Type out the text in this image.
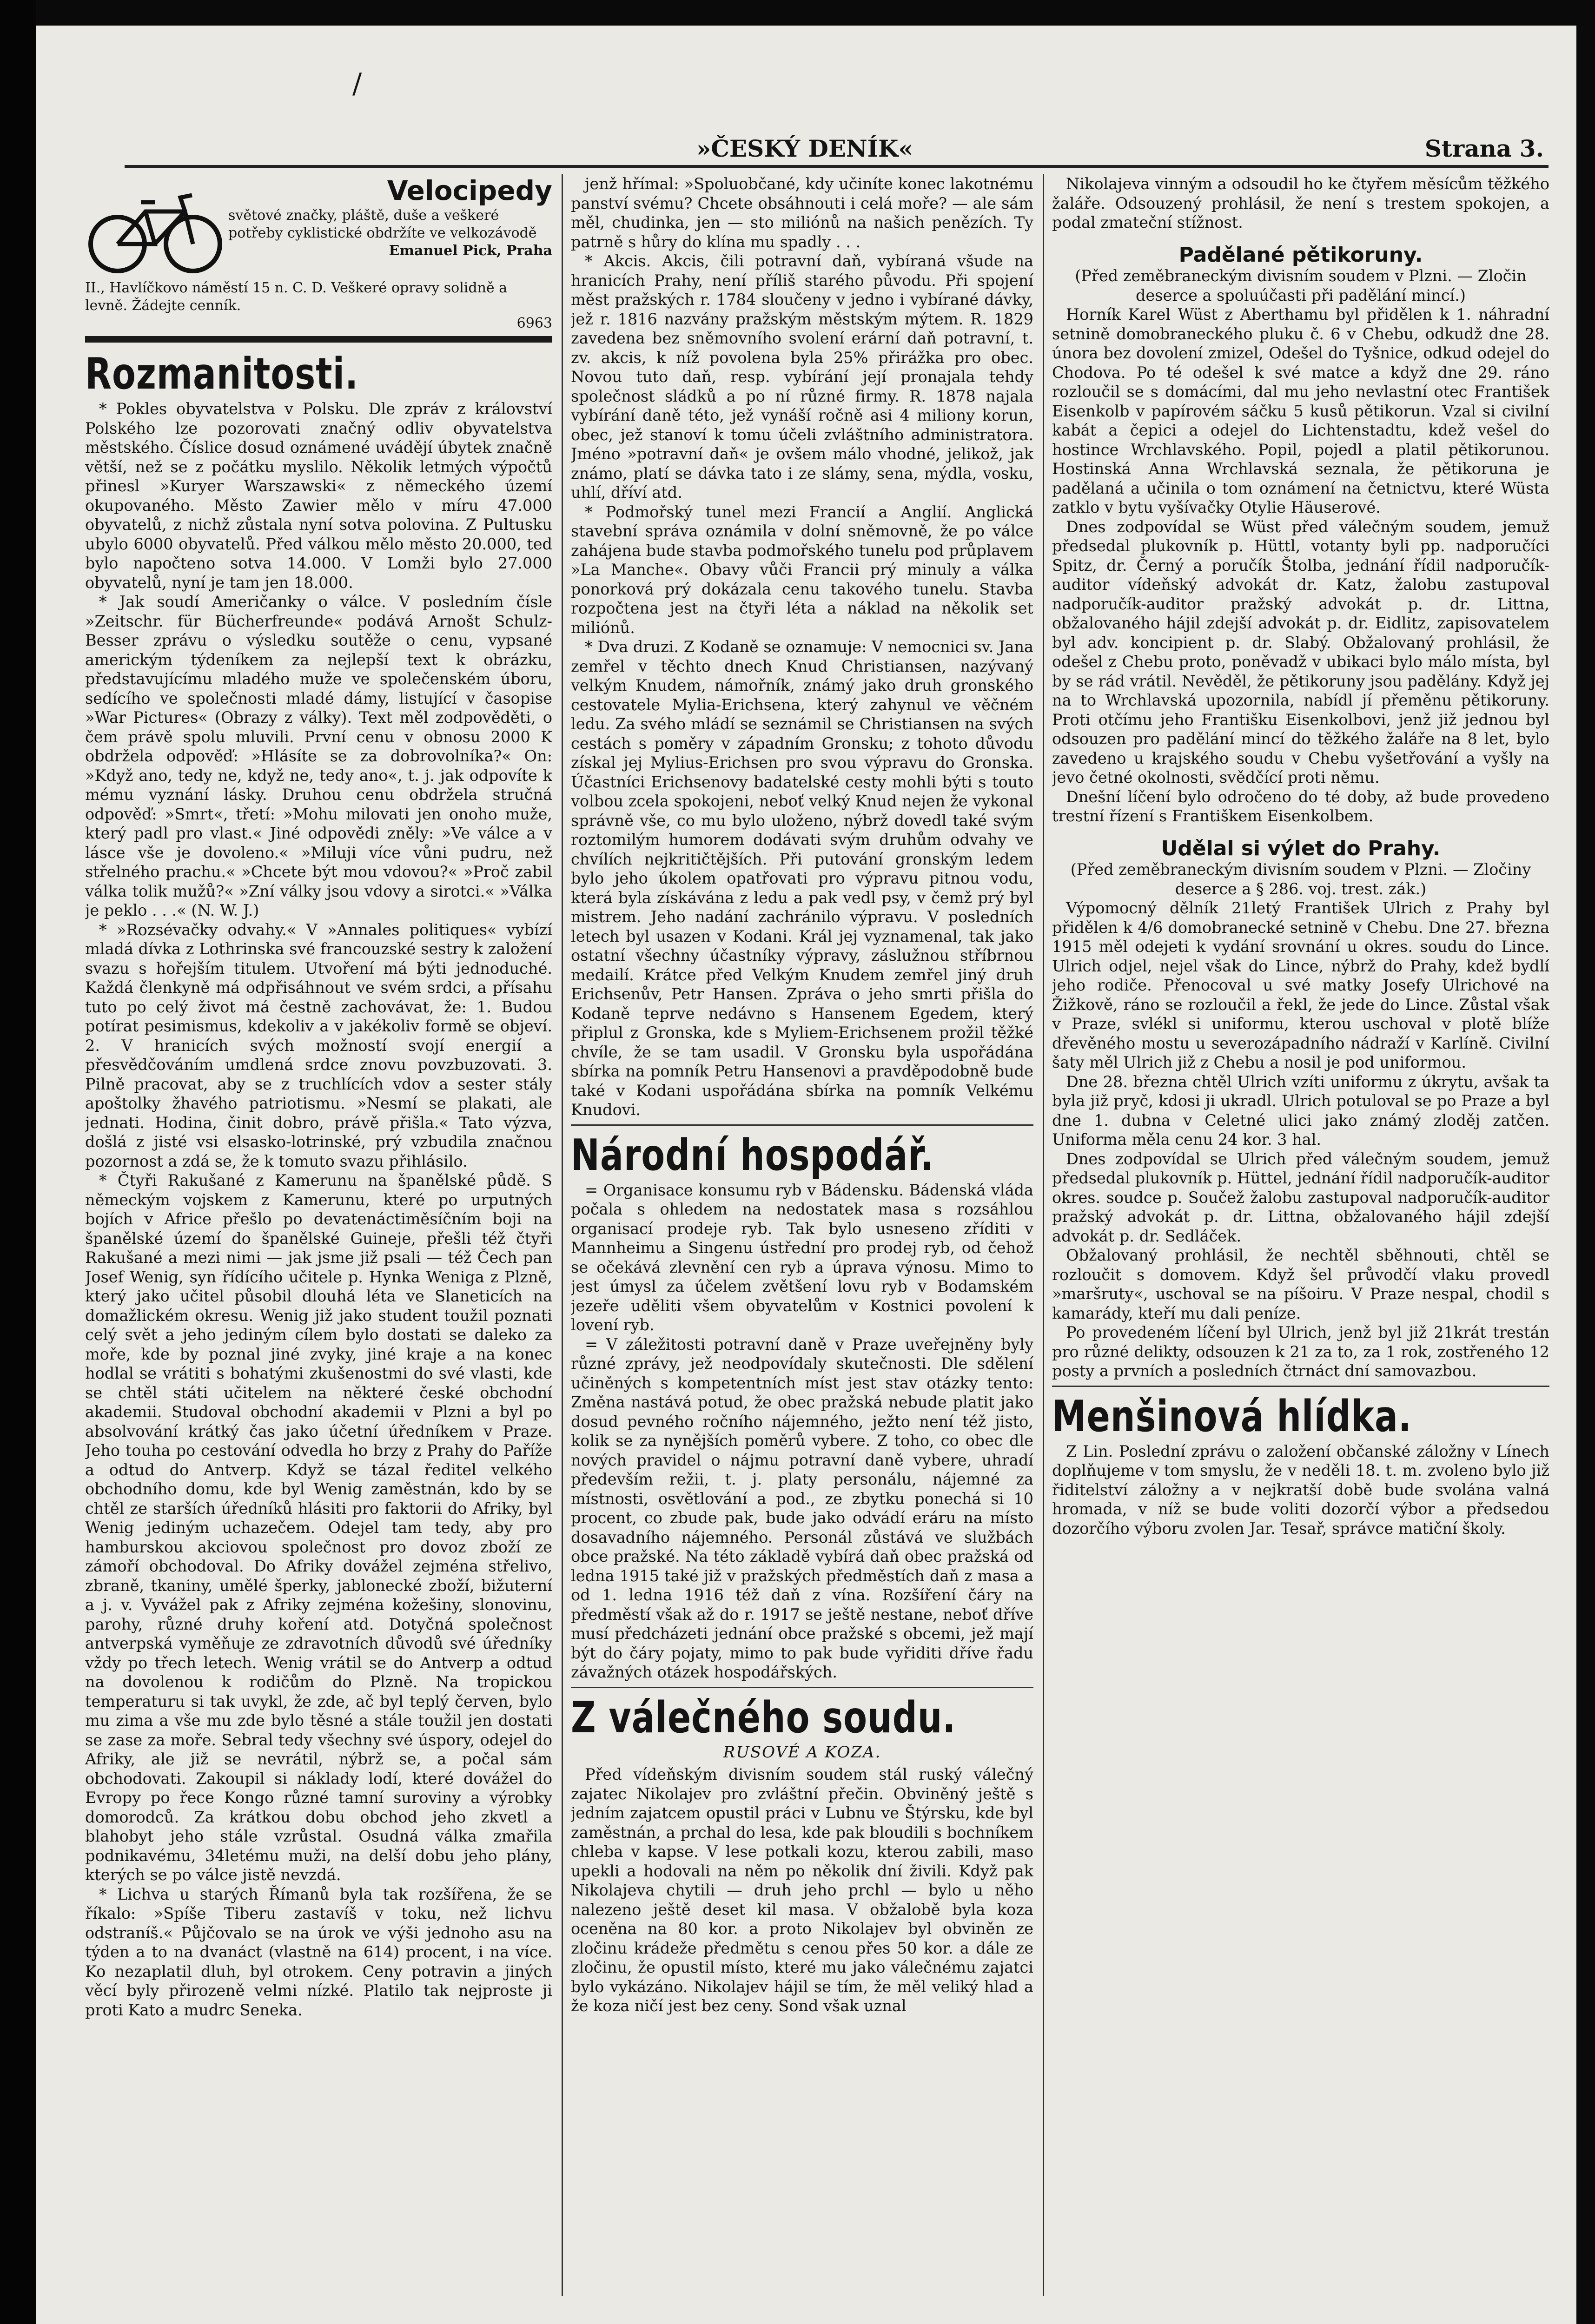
/
»ČESKÝ DENÍK«	Strana 3.
Velocipedy
světové značky, pláště, duše a veškeré potřeby cyklistické obdržíte ve velkozávodě
Emanuel Pick, Praha
II., Havlíčkovo náměstí 15 n. C. D. Veškeré opravy solidně a levně. Žádejte cenník.
6963
Rozmanitosti.

* Pokles obyvatelstva v Polsku. Dle zpráv z království Polského lze pozorovati značný odliv obyvatelstva městského. Číslice dosud oznámené uvádějí úbytek značně větší, než se z počátku myslilo. Několik letmých výpočtů přinesl »Kuryer Warszawski« z německého území okupovaného. Město Zawier mělo v míru 47.000 obyvatelů, z nichž zůstala nyní sotva polovina. Z Pultusku ubylo 6000 obyvatelů. Před válkou mělo město 20.000, teď bylo napočteno sotva 14.000. V Lomži bylo 27.000 obyvatelů, nyní je tam jen 18.000.

* Jak soudí Američanky o válce. V posledním čísle »Zeitschr. für Bücherfreunde« podává Arnošt Schulz-Besser zprávu o výsledku soutěže o cenu, vypsané americkým týdeníkem za nejlepší text k obrázku, představujícímu mladého muže ve společenském úboru, sedícího ve společnosti mladé dámy, listující v časopise »War Pictures« (Obrazy z války). Text měl zodpověděti, o čem právě spolu mluvili. První cenu v obnosu 2000 K obdržela odpověď: »Hlásíte se za dobrovolníka?« On: »Když ano, tedy ne, když ne, tedy ano«, t. j. jak odpovíte k mému vyznání lásky. Druhou cenu obdržela stručná odpověď: »Smrt«, třetí: »Mohu milovati jen onoho muže, který padl pro vlast.« Jiné odpovědi zněly: »Ve válce a v lásce vše je dovoleno.« »Miluji více vůni pudru, než střelného prachu.« »Chcete být mou vdovou?« »Proč zabil válka tolik mužů?« »Zní války jsou vdovy a sirotci.« »Válka je peklo . . .« (N. W. J.)

* »Rozsévačky odvahy.« V »Annales politiques« vybízí mladá dívka z Lothrinska své francouzské sestry k založení svazu s hořejším titulem. Utvoření má býti jednoduché. Každá členkyně má odpřisáhnout ve svém srdci, a přísahu tuto po celý život má čestně zachovávat, že: 1. Budou potírat pesimismus, kdekoliv a v jakékoliv formě se objeví. 2. V hranicích svých možností svojí energií a přesvědčováním umdlená srdce znovu povzbuzovati. 3. Pilně pracovat, aby se z truchlících vdov a sester stály apoštolky žhavého patriotismu. »Nesmí se plakati, ale jednati. Hodina, činit dobro, právě přišla.« Tato výzva, došlá z jisté vsi elsasko-lotrinské, prý vzbudila značnou pozornost a zdá se, že k tomuto svazu přihlásilo.

* Čtyři Rakušané z Kamerunu na španělské půdě. S německým vojskem z Kamerunu, které po urputných bojích v Africe přešlo po devatenáctiměsíčním boji na španělské území do španělské Guineje, přešli též čtyři Rakušané a mezi nimi — jak jsme již psali — též Čech pan Josef Wenig, syn řídícího učitele p. Hynka Weniga z Plzně, který jako učitel působil dlouhá léta ve Slaneticích na domažlickém okresu. Wenig již jako student toužil poznati celý svět a jeho jediným cílem bylo dostati se daleko za moře, kde by poznal jiné zvyky, jiné kraje a na konec hodlal se vrátiti s bohatými zkušenostmi do své vlasti, kde se chtěl státi učitelem na některé české obchodní akademii. Studoval obchodní akademii v Plzni a byl po absolvování krátký čas jako účetní úředníkem v Praze. Jeho touha po cestování odvedla ho brzy z Prahy do Paříže a odtud do Antverp. Když se tázal ředitel velkého obchodního domu, kde byl Wenig zaměstnán, kdo by se chtěl ze starších úředníků hlásiti pro faktorii do Afriky, byl Wenig jediným uchazečem. Odejel tam tedy, aby pro hamburskou akciovou společnost pro dovoz zboží ze zámoří obchodoval. Do Afriky dovážel zejména střelivo, zbraně, tkaniny, umělé šperky, jablonecké zboží, bižuterní a j. v. Vyvážel pak z Afriky zejména kožešiny, slonovinu, parohy, různé druhy koření atd. Dotyčná společnost antverpská vyměňuje ze zdravotních důvodů své úředníky vždy po třech letech. Wenig vrátil se do Antverp a odtud na dovolenou k rodičům do Plzně. Na tropickou temperaturu si tak uvykl, že zde, ač byl teplý červen, bylo mu zima a vše mu zde bylo těsné a stále toužil jen dostati se zase za moře. Sebral tedy všechny své úspory, odejel do Afriky, ale již se nevrátil, nýbrž se, a počal sám obchodovati. Zakoupil si náklady lodí, které dovážel do Evropy po řece Kongo různé tamní suroviny a výrobky domorodců. Za krátkou dobu obchod jeho zkvetl a blahobyt jeho stále vzrůstal. Osudná válka zmařila podnikavému, 34letému muži, na delší dobu jeho plány, kterých se po válce jistě nevzdá.

* Lichva u starých Římanů byla tak rozšířena, že se říkalo: »Spíše Tiberu zastavíš v toku, než lichvu odstraníš.« Půjčovalo se na úrok ve výši jednoho asu na týden a to na dvanáct (vlastně na 614) procent, i na více. Ko nezaplatil dluh, byl otrokem. Ceny potravin a jiných věcí byly přirozeně velmi nízké. Platilo tak nejproste ji proti Kato a mudrc Seneka.

jenž hřímal: »Spoluobčané, kdy učiníte konec lakotnému panství svému? Chcete obsáhnouti i celá moře? — ale sám měl, chudinka, jen — sto miliónů na našich penězích. Ty patrně s hůry do klína mu spadly . . .

* Akcis. Akcis, čili potravní daň, vybíraná všude na hranicích Prahy, není příliš starého původu. Při spojení měst pražských r. 1784 sloučeny v jedno i vybírané dávky, jež r. 1816 nazvány pražským městským mýtem. R. 1829 zavedena bez sněmovního svolení erární daň potravní, t. zv. akcis, k níž povolena byla 25% přirážka pro obec. Novou tuto daň, resp. vybírání její pronajala tehdy společnost sládků a po ní různé firmy. R. 1878 najala vybírání daně této, jež vynáší ročně asi 4 miliony korun, obec, jež stanoví k tomu účeli zvláštního administratora. Jméno »potravní daň« je ovšem málo vhodné, jelikož, jak známo, platí se dávka tato i ze slámy, sena, mýdla, vosku, uhlí, dříví atd.

* Podmořský tunel mezi Francií a Anglií. Anglická stavební správa oznámila v dolní sněmovně, že po válce zahájena bude stavba podmořského tunelu pod průplavem »La Manche«. Obavy vůči Francii prý minuly a válka ponorková prý dokázala cenu takového tunelu. Stavba rozpočtena jest na čtyři léta a náklad na několik set miliónů.

* Dva druzi. Z Kodaně se oznamuje: V nemocnici sv. Jana zemřel v těchto dnech Knud Christiansen, nazývaný velkým Knudem, námořník, známý jako druh gronského cestovatele Mylia-Erichsena, který zahynul ve věčném ledu. Za svého mládí se seznámil se Christiansen na svých cestách s poměry v západním Gronsku; z tohoto důvodu získal jej Mylius-Erichsen pro svou výpravu do Gronska. Účastníci Erichsenovy badatelské cesty mohli býti s touto volbou zcela spokojeni, neboť velký Knud nejen že vykonal správně vše, co mu bylo uloženo, nýbrž dovedl také svým roztomilým humorem dodávati svým druhům odvahy ve chvílích nejkritičtějších. Při putování gronským ledem bylo jeho úkolem opatřovati pro výpravu pitnou vodu, která byla získávána z ledu a pak vedl psy, v čemž prý byl mistrem. Jeho nadání zachránilo výpravu. V posledních letech byl usazen v Kodani. Král jej vyznamenal, tak jako ostatní všechny účastníky výpravy, záslužnou stříbrnou medailí. Krátce před Velkým Knudem zemřel jiný druh Erichsenův, Petr Hansen. Zpráva o jeho smrti přišla do Kodaně teprve nedávno s Hansenem Egedem, který připlul z Gronska, kde s Myliem-Erichsenem prožil těžké chvíle, že se tam usadil. V Gronsku byla uspořádána sbírka na pomník Petru Hansenovi a pravděpodobně bude také v Kodani uspořádána sbírka na pomník Velkému Knudovi.

Národní hospodář.

= Organisace konsumu ryb v Bádensku. Bádenská vláda počala s ohledem na nedostatek masa s rozsáhlou organisací prodeje ryb. Tak bylo usneseno zříditi v Mannheimu a Singenu ústřední pro prodej ryb, od čehož se očekává zlevnění cen ryb a úprava výnosu. Mimo to jest úmysl za účelem zvětšení lovu ryb v Bodamském jezeře uděliti všem obyvatelům v Kostnici povolení k lovení ryb.

= V záležitosti potravní daně v Praze uveřejněny byly různé zprávy, jež neodpovídaly skutečnosti. Dle sdělení učiněných s kompetentních míst jest stav otázky tento: Změna nastává potud, že obec pražská nebude platit jako dosud pevného ročního nájemného, ježto není též jisto, kolik se za nynějších poměrů vybere. Z toho, co obec dle nových pravidel o nájmu potravní daně vybere, uhradí především režii, t. j. platy personálu, nájemné za místnosti, osvětlování a pod., ze zbytku ponechá si 10 procent, co zbude pak, bude jako odvádí eráru na místo dosavadního nájemného. Personál zůstává ve službách obce pražské. Na této základě vybírá daň obec pražská od ledna 1915 také již v pražských předměstích daň z masa a od 1. ledna 1916 též daň z vína. Rozšíření čáry na předměstí však až do r. 1917 se ještě nestane, neboť dříve musí předcházeti jednání obce pražské s obcemi, jež mají být do čáry pojaty, mimo to pak bude vyřiditi dříve řadu závažných otázek hospodářských.

Z válečného soudu.
RUSOVÉ A KOZA.

Před vídeňským divisním soudem stál ruský válečný zajatec Nikolajev pro zvláštní přečin. Obviněný ještě s jedním zajatcem opustil práci v Lubnu ve Štýrsku, kde byl zaměstnán, a prchal do lesa, kde pak bloudili s bochníkem chleba v kapse. V lese potkali kozu, kterou zabili, maso upekli a hodovali na něm po několik dní živili. Když pak Nikolajeva chytili — druh jeho prchl — bylo u něho nalezeno ještě deset kil masa. V obžalobě byla koza oceněna na 80 kor. a proto Nikolajev byl obviněn ze zločinu krádeže předmětu s cenou přes 50 kor. a dále ze zločinu, že opustil místo, které mu jako válečnému zajatci bylo vykázáno. Nikolajev hájil se tím, že měl veliký hlad a že koza ničí jest bez ceny. Sond však uznal

Nikolajeva vinným a odsoudil ho ke čtyřem měsícům těžkého žaláře. Odsouzený prohlásil, že není s trestem spokojen, a podal zmateční stížnost.

Padělané pětikoruny.
(Před zeměbraneckým divisním soudem v Plzni. — Zločin deserce a spoluúčasti při padělání mincí.)

Horník Karel Wüst z Aberthamu byl přidělen k 1. náhradní setnině domobraneckého pluku č. 6 v Chebu, odkudž dne 28. února bez dovolení zmizel, Odešel do Tyšnice, odkud odejel do Chodova. Po té odešel k své matce a když dne 29. ráno rozloučil se s domácími, dal mu jeho nevlastní otec František Eisenkolb v papírovém sáčku 5 kusů pětikorun. Vzal si civilní kabát a čepici a odejel do Lichtenstadtu, kdež vešel do hostince Wrchlavského. Popil, pojedl a platil pětikorunou. Hostinská Anna Wrchlavská seznala, že pětikoruna je padělaná a učinila o tom oznámení na četnictvu, které Wüsta zatklo v bytu vyšívačky Otylie Häuserové.

Dnes zodpovídal se Wüst před válečným soudem, jemuž předsedal plukovník p. Hüttl, votanty byli pp. nadporučíci Spitz, dr. Černý a poručík Štolba, jednání řídil nadporučík-auditor vídeňský advokát dr. Katz, žalobu zastupoval nadporučík-auditor pražský advokát p. dr. Littna, obžalovaného hájil zdejší advokát p. dr. Eidlitz, zapisovatelem byl adv. koncipient p. dr. Slabý. Obžalovaný prohlásil, že odešel z Chebu proto, poněvadž v ubikaci bylo málo místa, byl by se rád vrátil. Nevěděl, že pětikoruny jsou padělány. Když jej na to Wrchlavská upozornila, nabídl jí přeměnu pětikoruny. Proti otčímu jeho Františku Eisenkolbovi, jenž již jednou byl odsouzen pro padělání mincí do těžkého žaláře na 8 let, bylo zavedeno u krajského soudu v Chebu vyšetřování a vyšly na jevo četné okolnosti, svědčící proti němu.

Dnešní líčení bylo odročeno do té doby, až bude provedeno trestní řízení s Františkem Eisenkolbem.

Udělal si výlet do Prahy.
(Před zeměbraneckým divisním soudem v Plzni. — Zločiny deserce a § 286. voj. trest. zák.)

Výpomocný dělník 21letý František Ulrich z Prahy byl přidělen k 4/6 domobranecké setnině v Chebu. Dne 27. března 1915 měl odejeti k vydání srovnání u okres. soudu do Lince. Ulrich odjel, nejel však do Lince, nýbrž do Prahy, kdež bydlí jeho rodiče. Přenocoval u své matky Josefy Ulrichové na Žižkově, ráno se rozloučil a řekl, že jede do Lince. Zůstal však v Praze, svlékl si uniformu, kterou uschoval v plotě blíže dřevěného mostu u severozápadního nádraží v Karlíně. Civilní šaty měl Ulrich již z Chebu a nosil je pod uniformou.

Dne 28. března chtěl Ulrich vzíti uniformu z úkrytu, avšak ta byla již pryč, kdosi ji ukradl. Ulrich potuloval se po Praze a byl dne 1. dubna v Celetné ulici jako známý zloděj zatčen. Uniforma měla cenu 24 kor. 3 hal.

Dnes zodpovídal se Ulrich před válečným soudem, jemuž předsedal plukovník p. Hüttel, jednání řídil nadporučík-auditor okres. soudce p. Součež žalobu zastupoval nadporučík-auditor pražský advokát p. dr. Littna, obžalovaného hájil zdejší advokát p. dr. Sedláček.

Obžalovaný prohlásil, že nechtěl sběhnouti, chtěl se rozloučit s domovem. Když šel průvodčí vlaku provedl »maršruty«, uschoval se na píšoiru. V Praze nespal, chodil s kamarády, kteří mu dali peníze.

Po provedeném líčení byl Ulrich, jenž byl již 21krát trestán pro různé delikty, odsouzen k 21 za to, za 1 rok, zostřeného 12 posty a prvních a posledních čtrnáct dní samovazbou.

Menšinová hlídka.

Z Lin. Poslední zprávu o založení občanské záložny v Línech doplňujeme v tom smyslu, že v neděli 18. t. m. zvoleno bylo již řiditelství záložny a v nejkratší době bude svolána valná hromada, v níž se bude voliti dozorčí výbor a předsedou dozorčího výboru zvolen Jar. Tesař, správce matiční školy.
